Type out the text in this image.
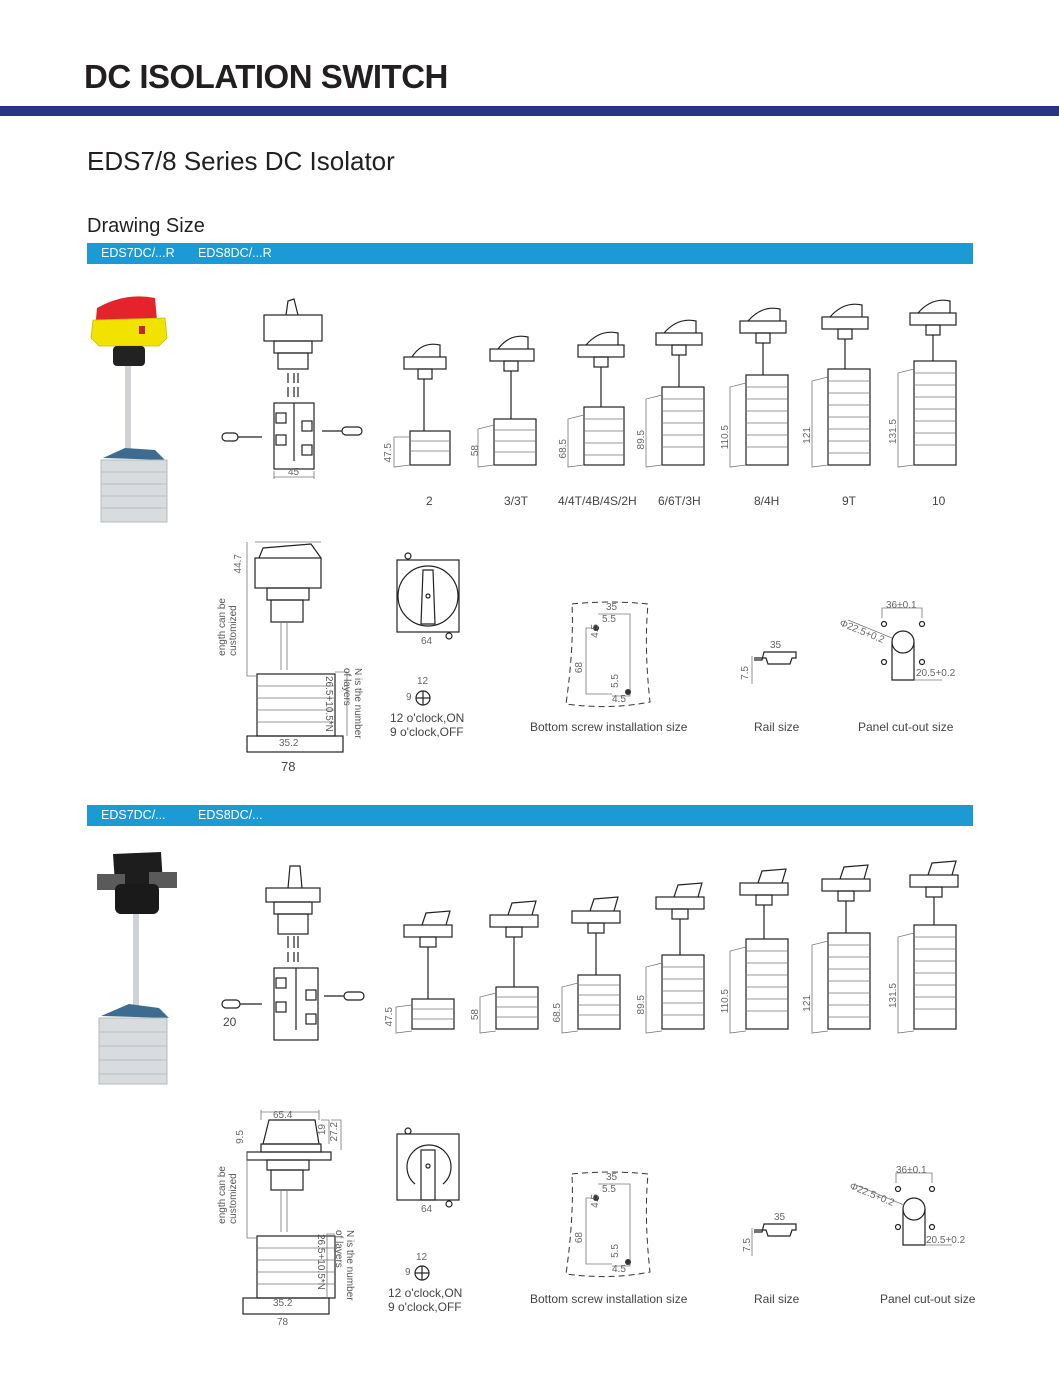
DC ISOLATION SWITCH
EDS7/8 Series DC Isolator
Drawing Size
EDS7DC/...R EDS8DC/...R
45
47.5	58	68.5	89.5	110.5	121	131.5
2	3/3T 4/4T/4B/4S/2H 6/6T/3H	8/4H	9T	10
44.7
ength can be
customized
26.5+10.5*N	N is the number
of layers
35.2
78
64
12
9
12 o'clock,ON
9 o'clock,OFF
35
5.5
4.5
68
5.5
4.5
Bottom screw installation size
35
7.5
Rail size
36±0.1
Φ22.5+0.2
20.5+0.2
Panel cut-out size
EDS7DC/...	EDS8DC/...
20	47.5	58	68.5	89.5	110.5	121	131.5
65.4
19 27.2
9.5
ength can be
customized
26.5+10.5*N	N is the number
of layers
35.2
78
64
12
9
12 o'clock,ON
9 o'clock,OFF
35
5.5
4.5
68
5.5
4.5
Bottom screw installation size
35
7.5
Rail size
36±0.1
Φ22.5+0.2
20.5+0.2
Panel cut-out size
